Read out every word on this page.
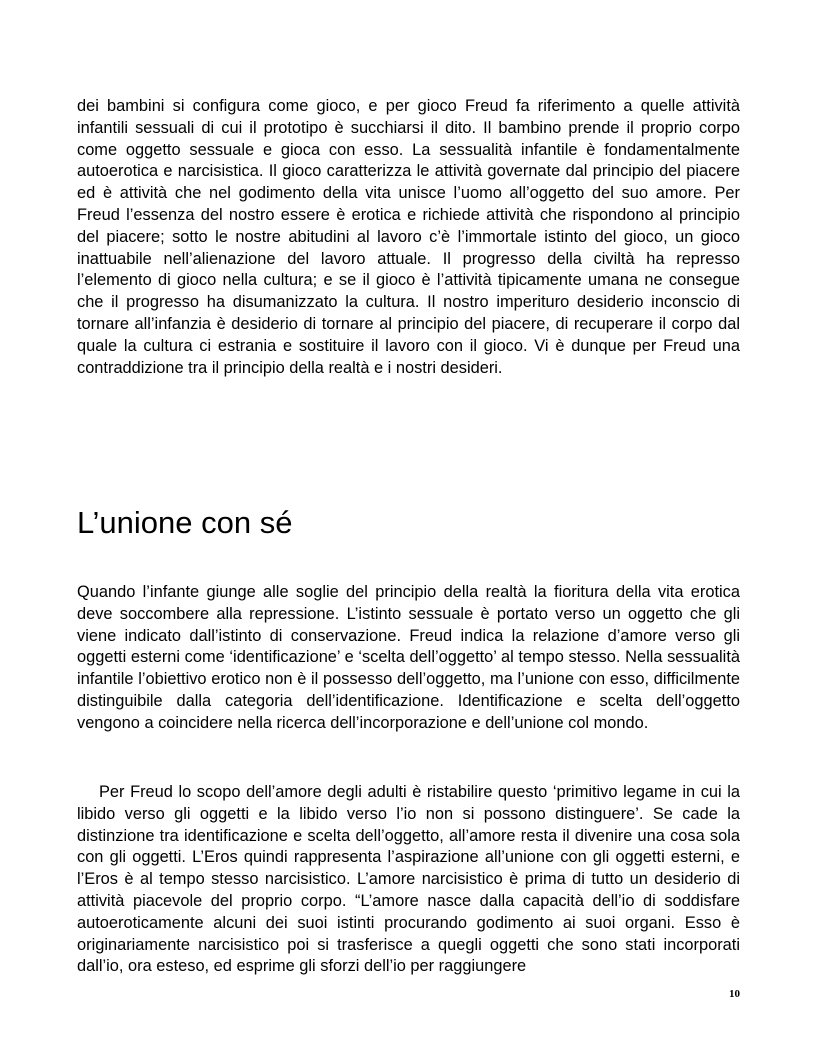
dei bambini si configura come gioco, e per gioco Freud fa riferimento a quelle attività infantili sessuali di cui il prototipo è succhiarsi il dito. Il bambino prende il proprio corpo come oggetto sessuale e gioca con esso. La sessualità infantile è fondamentalmente autoerotica e narcisistica. Il gioco caratterizza le attività governate dal principio del piacere ed è attività che nel godimento della vita unisce l’uomo all’oggetto del suo amore. Per Freud l’essenza del nostro essere è erotica e richiede attività che rispondono al principio del piacere; sotto le nostre abitudini al lavoro c’è l’immortale istinto del gioco, un gioco inattuabile nell’alienazione del lavoro attuale. Il progresso della civiltà ha represso l’elemento di gioco nella cultura; e se il gioco è l’attività tipicamente umana ne consegue che il progresso ha disumanizzato la cultura. Il nostro imperituro desiderio inconscio di tornare all’infanzia è desiderio di tornare al principio del piacere, di recuperare il corpo dal quale la cultura ci estrania e sostituire il lavoro con il gioco. Vi è dunque per Freud una contraddizione tra il principio della realtà e i nostri desideri.

L’unione con sé

Quando l’infante giunge alle soglie del principio della realtà la fioritura della vita erotica deve soccombere alla repressione. L’istinto sessuale è portato verso un oggetto che gli viene indicato dall’istinto di conservazione. Freud indica la relazione d’amore verso gli oggetti esterni come ‘identificazione’ e ‘scelta dell’oggetto’ al tempo stesso. Nella sessualità infantile l’obiettivo erotico non è il possesso dell’oggetto, ma l’unione con esso, difficilmente distinguibile dalla categoria dell’identificazione. Identificazione e scelta dell’oggetto vengono a coincidere nella ricerca dell’incorporazione e dell’unione col mondo.

Per Freud lo scopo dell’amore degli adulti è ristabilire questo ‘primitivo legame in cui la libido verso gli oggetti e la libido verso l’io non si possono distinguere’. Se cade la distinzione tra identificazione e scelta dell’oggetto, all’amore resta il divenire una cosa sola con gli oggetti. L’Eros quindi rappresenta l’aspirazione all’unione con gli oggetti esterni, e l’Eros è al tempo stesso narcisistico. L’amore narcisistico è prima di tutto un desiderio di attività piacevole del proprio corpo. “L’amore nasce dalla capacità dell’io di soddisfare autoeroticamente alcuni dei suoi istinti procurando godimento ai suoi organi. Esso è originariamente narcisistico poi si trasferisce a quegli oggetti che sono stati incorporati dall’io, ora esteso, ed esprime gli sforzi dell’io per raggiungere

10
